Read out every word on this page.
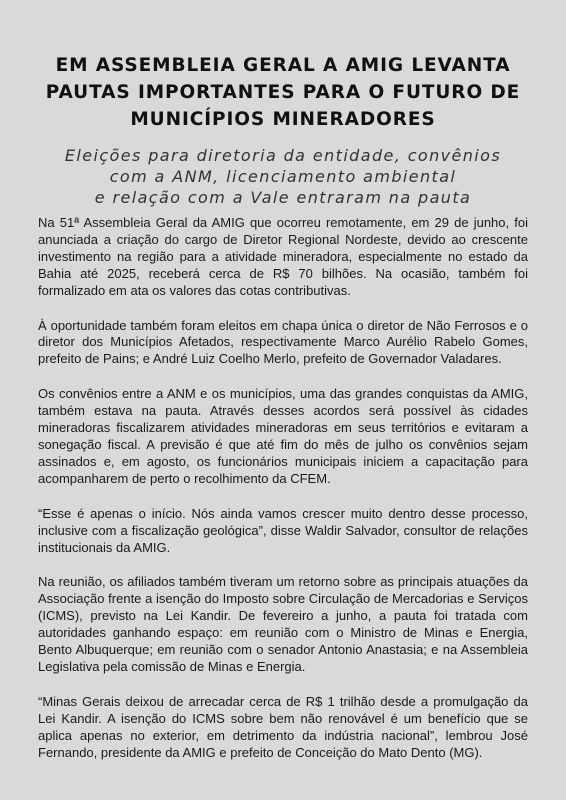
EM ASSEMBLEIA GERAL A AMIG LEVANTA PAUTAS IMPORTANTES PARA O FUTURO DE MUNICÍPIOS MINERADORES

Eleições para diretoria da entidade, convênios
com a ANM, licenciamento ambiental
e relação com a Vale entraram na pauta

Na 51ª Assembleia Geral da AMIG que ocorreu remotamente, em 29 de junho, foi anunciada a criação do cargo de Diretor Regional Nordeste, devido ao crescente investimento na região para a atividade mineradora, especialmente no estado da Bahia até 2025, receberá cerca de R$ 70 bilhões. Na ocasião, também foi formalizado em ata os valores das cotas contributivas.

À oportunidade também foram eleitos em chapa única o diretor de Não Ferrosos e o diretor dos Municípios Afetados, respectivamente Marco Aurélio Rabelo Gomes, prefeito de Pains; e André Luiz Coelho Merlo, prefeito de Governador Valadares.

Os convênios entre a ANM e os municípios, uma das grandes conquistas da AMIG, também estava na pauta. Através desses acordos será possível às cidades mineradoras fiscalizarem atividades mineradoras em seus territórios e evitaram a sonegação fiscal. A previsão é que até fim do mês de julho os convênios sejam assinados e, em agosto, os funcionários municipais iniciem a capacitação para acompanharem de perto o recolhimento da CFEM.

“Esse é apenas o início. Nós ainda vamos crescer muito dentro desse processo, inclusive com a fiscalização geológica”, disse Waldir Salvador, consultor de relações institucionais da AMIG.

Na reunião, os afiliados também tiveram um retorno sobre as principais atuações da Associação frente a isenção do Imposto sobre Circulação de Mercadorias e Serviços (ICMS), previsto na Lei Kandir. De fevereiro a junho, a pauta foi tratada com autoridades ganhando espaço: em reunião com o Ministro de Minas e Energia, Bento Albuquerque; em reunião com o senador Antonio Anastasia; e na Assembleia Legislativa pela comissão de Minas e Energia.

“Minas Gerais deixou de arrecadar cerca de R$ 1 trilhão desde a promulgação da Lei Kandir. A isenção do ICMS sobre bem não renovável é um benefício que se aplica apenas no exterior, em detrimento da indústria nacional”, lembrou José Fernando, presidente da AMIG e prefeito de Conceição do Mato Dento (MG).
